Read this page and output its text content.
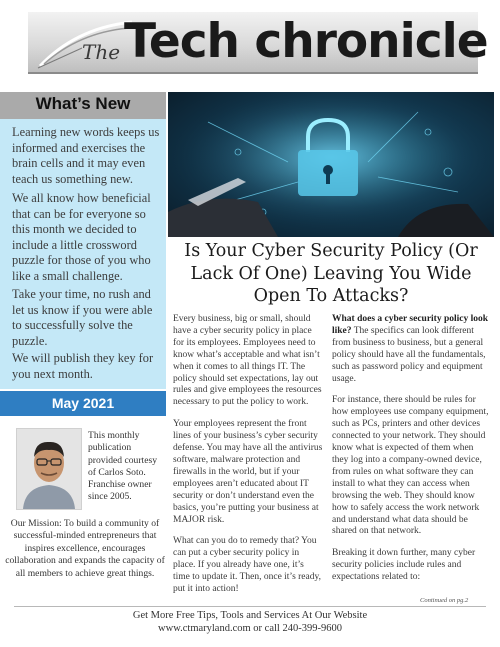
The Tech chronicle
What’s New
Learning new words keeps us informed and exercises the brain cells and it may even teach us something new.
We all know how beneficial that can be for everyone so this month we decided to include a little crossword puzzle for those of you who like a small challenge.
Take your time, no rush and let us know if you were able to successfully solve the puzzle.
We will publish they key for you next month.
May 2021
This monthly publication provided courtesy of Carlos Soto. Franchise owner since 2005.
Our Mission: To build a community of successful-minded entrepreneurs that inspires excellence, encourages collaboration and expands the capacity of all members to achieve great things.
Is Your Cyber Security Policy (Or Lack Of One) Leaving You Wide Open To Attacks?

Every business, big or small, should have a cyber security policy in place for its employees. Employees need to know what’s acceptable and what isn’t when it comes to all things IT. The policy should set expectations, lay out rules and give employees the resources necessary to put the policy to work.

Your employees represent the front lines of your business’s cyber security defense. You may have all the antivirus software, malware protection and firewalls in the world, but if your employees aren’t educated about IT security or don’t understand even the basics, you’re putting your business at MAJOR risk.

What can you do to remedy that? You can put a cyber security policy in place. If you already have one, it’s time to update it. Then, once it’s ready, put it into action!

What does a cyber security policy look like? The specifics can look different from business to business, but a general policy should have all the fundamentals, such as password policy and equipment usage.

For instance, there should be rules for how employees use company equipment, such as PCs, printers and other devices connected to your network. They should know what is expected of them when they log into a company-owned device, from rules on what software they can install to what they can access when browsing the web. They should know how to safely access the work network and understand what data should be shared on that network.

Breaking it down further, many cyber security policies include rules and expectations related to:

Continued on pg.2
Get More Free Tips, Tools and Services At Our Website
www.ctmaryland.com or call 240-399-9600
